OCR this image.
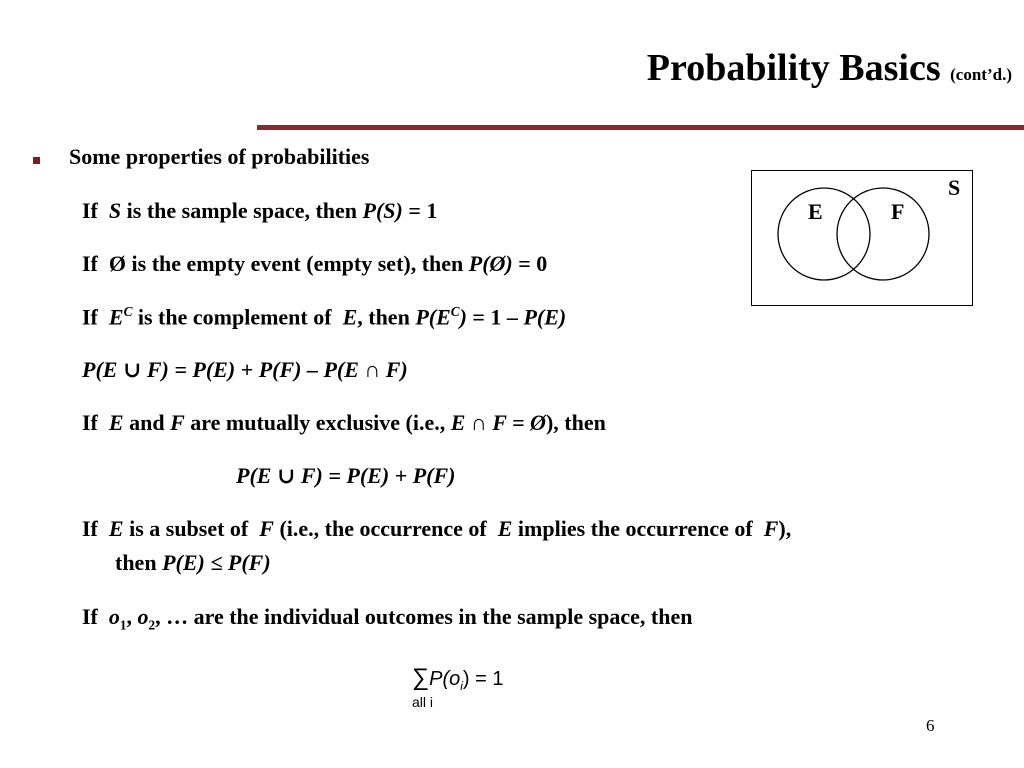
Probability Basics (cont’d.)
Some properties of probabilities
If S is the sample space, then P(S) = 1
If Ø is the empty event (empty set), then P(Ø) = 0
If $E^C$ is the complement of E, then $P(E^C) = 1 - P(E)$
P(E ∪ F) = P(E) + P(F) – P(E ∩ F)
If E and F are mutually exclusive (i.e., E ∩ F = Ø), then
P(E ∪ F) = P(E) + P(F)
If E is a subset of F (i.e., the occurrence of E implies the occurrence of F),
then P(E) ≤ P(F)
If $o_1$, $o_2$, … are the individual outcomes in the sample space, then
$\sum P(o_i) = 1$
all i
S
E	F
6
